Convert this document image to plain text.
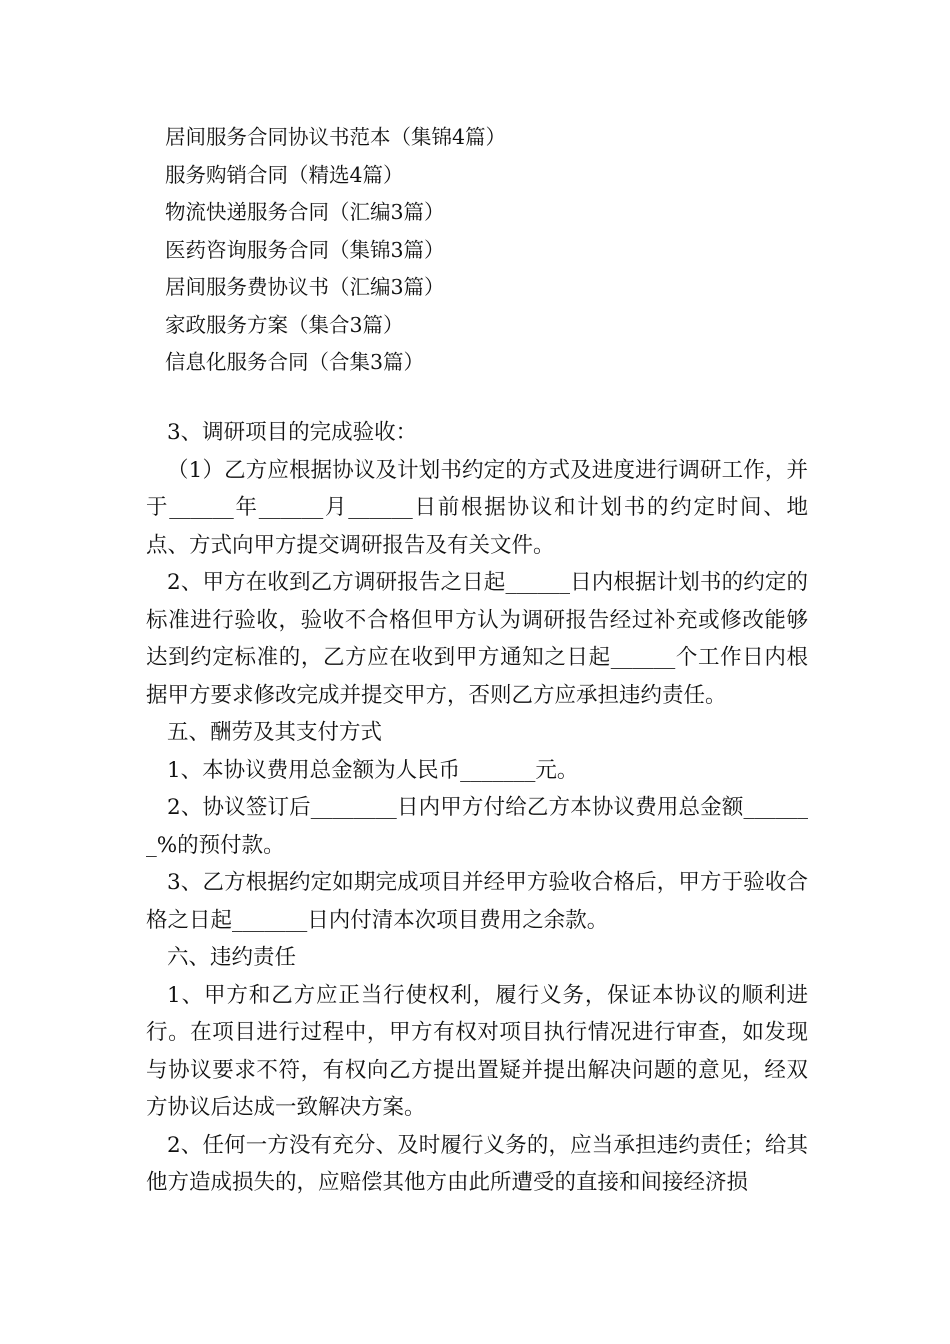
居间服务合同协议书范本（集锦4篇）
服务购销合同（精选4篇）
物流快递服务合同（汇编3篇）
医药咨询服务合同（集锦3篇）
居间服务费协议书（汇编3篇）
家政服务方案（集合3篇）
信息化服务合同（合集3篇）

3、调研项目的完成验收：

（1）乙方应根据协议及计划书约定的方式及进度进行调研工作，并于______年______月______日前根据协议和计划书的约定时间、地点、方式向甲方提交调研报告及有关文件。

2、甲方在收到乙方调研报告之日起______日内根据计划书的约定的标准进行验收，验收不合格但甲方认为调研报告经过补充或修改能够达到约定标准的，乙方应在收到甲方通知之日起______个工作日内根据甲方要求修改完成并提交甲方，否则乙方应承担违约责任。

五、酬劳及其支付方式

1、本协议费用总金额为人民币_______元。

2、协议签订后________日内甲方付给乙方本协议费用总金额_______%的预付款。

3、乙方根据约定如期完成项目并经甲方验收合格后，甲方于验收合格之日起_______日内付清本次项目费用之余款。

六、违约责任

1、甲方和乙方应正当行使权利，履行义务，保证本协议的顺利进行。在项目进行过程中，甲方有权对项目执行情况进行审查，如发现与协议要求不符，有权向乙方提出置疑并提出解决问题的意见，经双方协议后达成一致解决方案。

2、任何一方没有充分、及时履行义务的，应当承担违约责任；给其他方造成损失的，应赔偿其他方由此所遭受的直接和间接经济损
